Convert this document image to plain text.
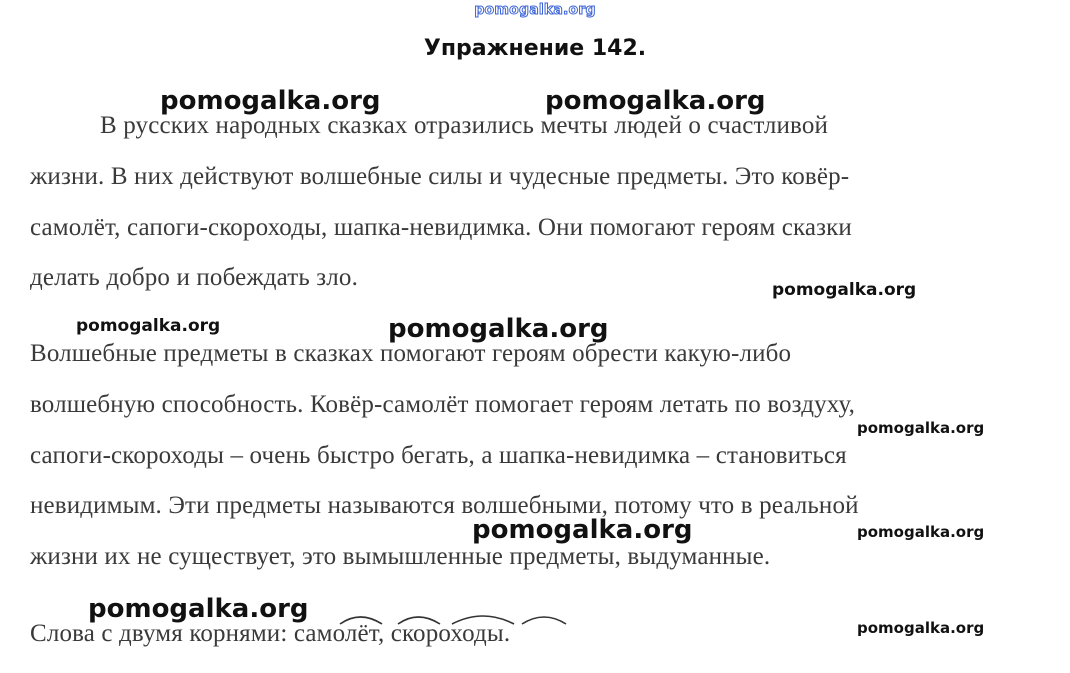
pomogalka.org
Упражнение 142.
В русских народных сказках отразились мечты людей о счастливой
жизни. В них действуют волшебные силы и чудесные предметы. Это ковёр-
самолёт, сапоги-скороходы, шапка-невидимка. Они помогают героям сказки
делать добро и побеждать зло.
Волшебные предметы в сказках помогают героям обрести какую-либо
волшебную способность. Ковёр-самолёт помогает героям летать по воздуху,
сапоги-скороходы – очень быстро бегать, а шапка-невидимка – становиться
невидимым. Эти предметы называются волшебными, потому что в реальной
жизни их не существует, это вымышленные предметы, выдуманные.
Слова с двумя корнями: самолёт, скороходы.
pomogalka.org	pomogalka.org
pomogalka.org
pomogalka.org	pomogalka.org
pomogalka.org
pomogalka.org	pomogalka.org
pomogalka.org
pomogalka.org
